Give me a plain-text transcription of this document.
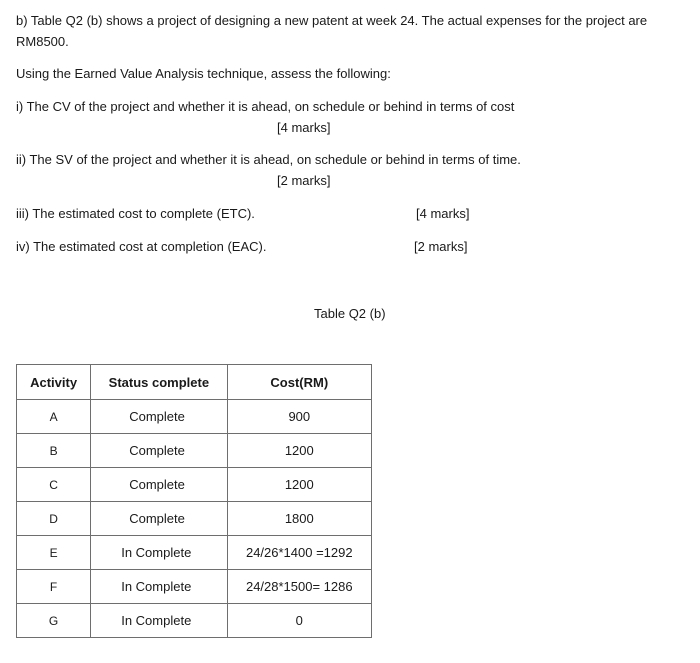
b) Table Q2 (b) shows a project of designing a new patent at week 24. The actual expenses for the project are
RM8500.
Using the Earned Value Analysis technique, assess the following:
i) The CV of the project and whether it is ahead, on schedule or behind in terms of cost
[4 marks]
ii) The SV of the project and whether it is ahead, on schedule or behind in terms of time.
[2 marks]
iii) The estimated cost to complete (ETC).	[4 marks]
iv) The estimated cost at completion (EAC).	[2 marks]
Table Q2 (b)
Activity	Status complete	Cost(RM)
A	Complete	900
B	Complete	1200
C	Complete	1200
D	Complete	1800
E	In Complete	24/26*1400 =1292
F	In Complete	24/28*1500= 1286
G	In Complete	0
